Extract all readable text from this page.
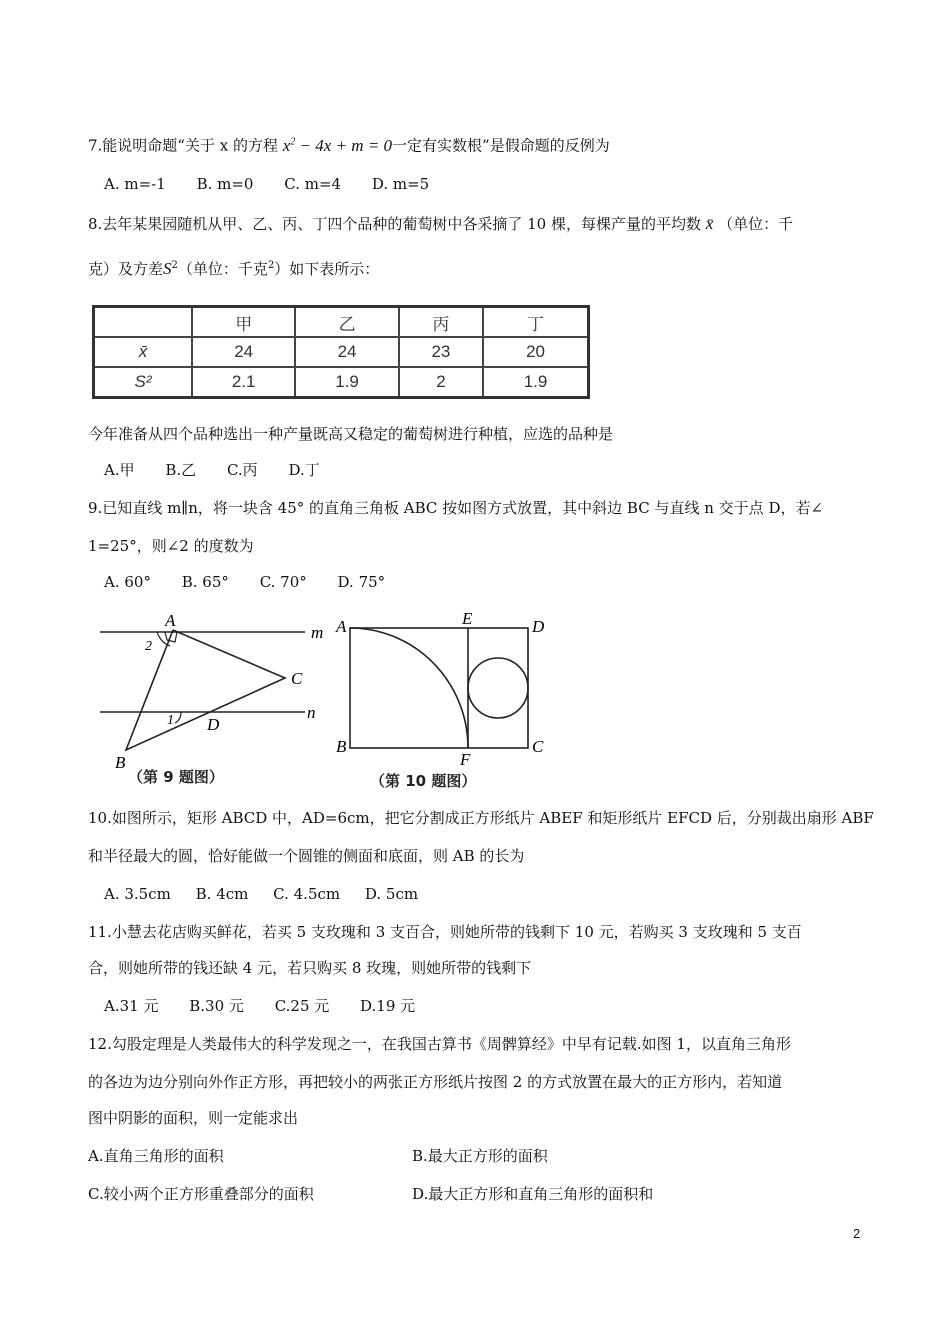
7.能说明命题“关于 x 的方程 $x^2 - 4x + m = 0$一定有实数根”是假命题的反例为
A. m=-1 B. m=0 C. m=4 D. m=5
8.去年某果园随机从甲、乙、丙、丁四个品种的葡萄树中各采摘了 10 棵，每棵产量的平均数 x̄ （单位：千
克）及方差$S^2$（单位：千克$^2$）如下表所示：
	甲	乙	丙	丁
x̄	24	24	23	20
S²	2.1	1.9	2	1.9
今年准备从四个品种选出一种产量既高又稳定的葡萄树进行种植，应选的品种是
A.甲 B.乙 C.丙 D.丁
9.已知直线 m∥n，将一块含 45° 的直角三角板 ABC 按如图方式放置，其中斜边 BC 与直线 n 交于点 D，若∠
1=25°，则∠2 的度数为
A. 60° B. 65° C. 70° D. 75°
A
2
m
C
1 D
n
B
（第 9 题图）
A	E	D
B
F
C
（第 10 题图）
10.如图所示，矩形 ABCD 中，AD=6cm，把它分割成正方形纸片 ABEF 和矩形纸片 EFCD 后，分别裁出扇形 ABF
和半径最大的圆，恰好能做一个圆锥的侧面和底面，则 AB 的长为
A. 3.5cm B. 4cm C. 4.5cm D. 5cm
11.小慧去花店购买鲜花，若买 5 支玫瑰和 3 支百合，则她所带的钱剩下 10 元，若购买 3 支玫瑰和 5 支百
合，则她所带的钱还缺 4 元，若只购买 8 玫瑰，则她所带的钱剩下
A.31 元 B.30 元 C.25 元 D.19 元
12.勾股定理是人类最伟大的科学发现之一，在我国古算书《周髀算经》中早有记载.如图 1，以直角三角形
的各边为边分别向外作正方形，再把较小的两张正方形纸片按图 2 的方式放置在最大的正方形内，若知道
图中阴影的面积，则一定能求出
A.直角三角形的面积	B.最大正方形的面积
C.较小两个正方形重叠部分的面积	D.最大正方形和直角三角形的面积和
2
